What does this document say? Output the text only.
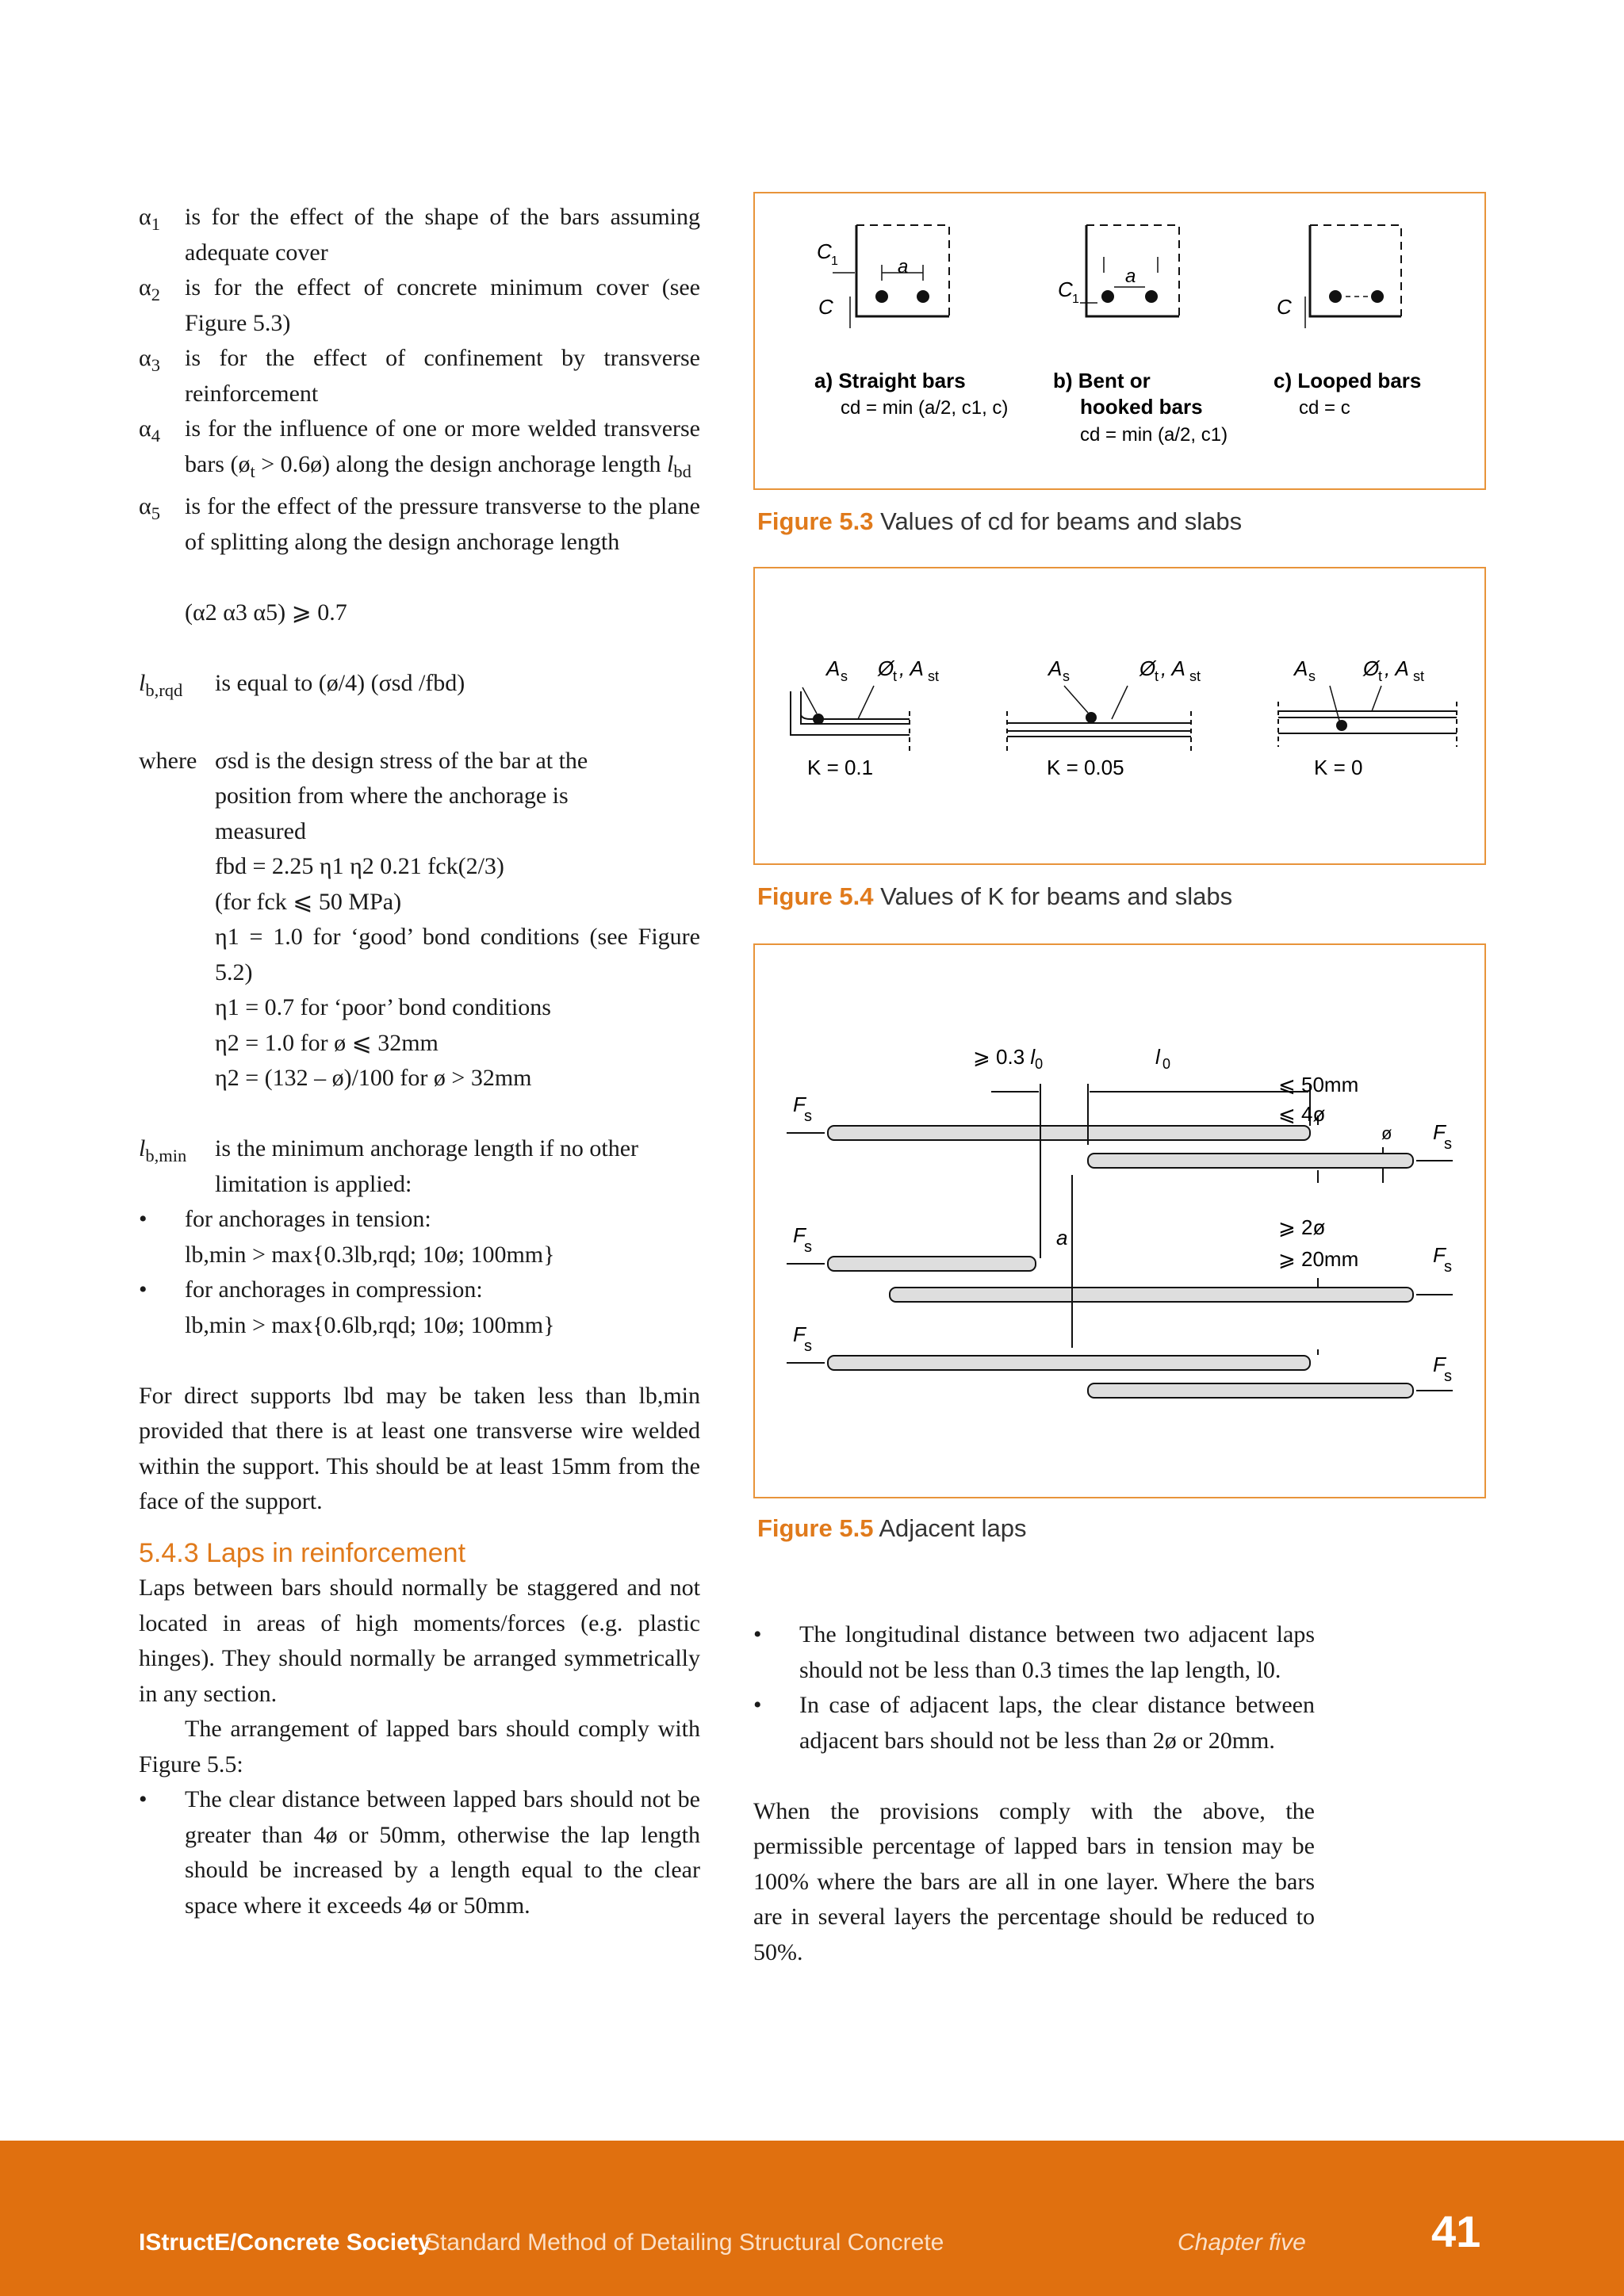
$\alpha_1$	is for the effect of the shape of the bars assuming adequate cover
$\alpha_2$	is for the effect of concrete minimum cover (see Figure 5.3)
$\alpha_3$	is for the effect of confinement by transverse reinforcement
$\alpha_4$	is for the influence of one or more welded transverse bars ($ø_t$ > 0.6ø) along the design anchorage length $l_{bd}$
$\alpha_5$	is for the effect of the pressure transverse to the plane of splitting along the design anchorage length
(α2 α3 α5) ⩾ 0.7
$l_{b,rqd}$	is equal to (ø/4) (σsd /fbd)
where σsd is the design stress of the bar at the position from where the anchorage is measured
fbd = 2.25 η1 η2 0.21 fck(2/3)
(for fck ⩽ 50 MPa)
η1 = 1.0 for ‘good’ bond conditions (see Figure 5.2)
η1 = 0.7 for ‘poor’ bond conditions
η2 = 1.0 for ø ⩽ 32mm
η2 = (132 – ø)/100 for ø > 32mm
$l_{b,min}$	is the minimum anchorage length if no other limitation is applied:
•	for anchorages in tension:
lb,min > max{0.3lb,rqd; 10ø; 100mm}
•	for anchorages in compression:
lb,min > max{0.6lb,rqd; 10ø; 100mm}
For direct supports lbd may be taken less than lb,min provided that there is at least one transverse wire welded within the support. This should be at least 15mm from the face of the support.
5.4.3 Laps in reinforcement
Laps between bars should normally be staggered and not located in areas of high moments/forces (e.g. plastic hinges). They should normally be arranged symmetrically in any section.
The arrangement of lapped bars should comply with Figure 5.5:
•	The clear distance between lapped bars should not be greater than 4ø or 50mm, otherwise the lap length should be increased by a length equal to the clear space where it exceeds 4ø or 50mm.
•	The longitudinal distance between two adjacent laps should not be less than 0.3 times the lap length, l0.
•	In case of adjacent laps, the clear distance between adjacent bars should not be less than 2ø or 20mm.
When the provisions comply with the above, the permissible percentage of lapped bars in tension may be 100% where the bars are all in one layer. Where the bars are in several layers the percentage should be reduced to 50%.
C 1
C
a
C 1
a
C
a) Straight bars
cd = min (a/2, c1, c)
b) Bent or
hooked bars
cd = min (a/2, c1)
c) Looped bars
cd = c
Figure 5.3 Values of cd for beams and slabs
A s Ø
t , A st	A s	Ø
t , A st	A s Ø
t , A st
K = 0.1	K = 0.05	K = 0
Figure 5.4 Values of K for beams and slabs
⩾ 0.3 $l_0$	l 0
⩽ 50mm
⩽ 4ø
ø
a	⩾ 2ø
⩾ 20mm
F
s
F
s
F
s
F
s
F
s
F
s
Figure 5.5 Adjacent laps
IStructE/Concrete Society
Standard Method of Detailing Structural Concrete	Chapter five	41
